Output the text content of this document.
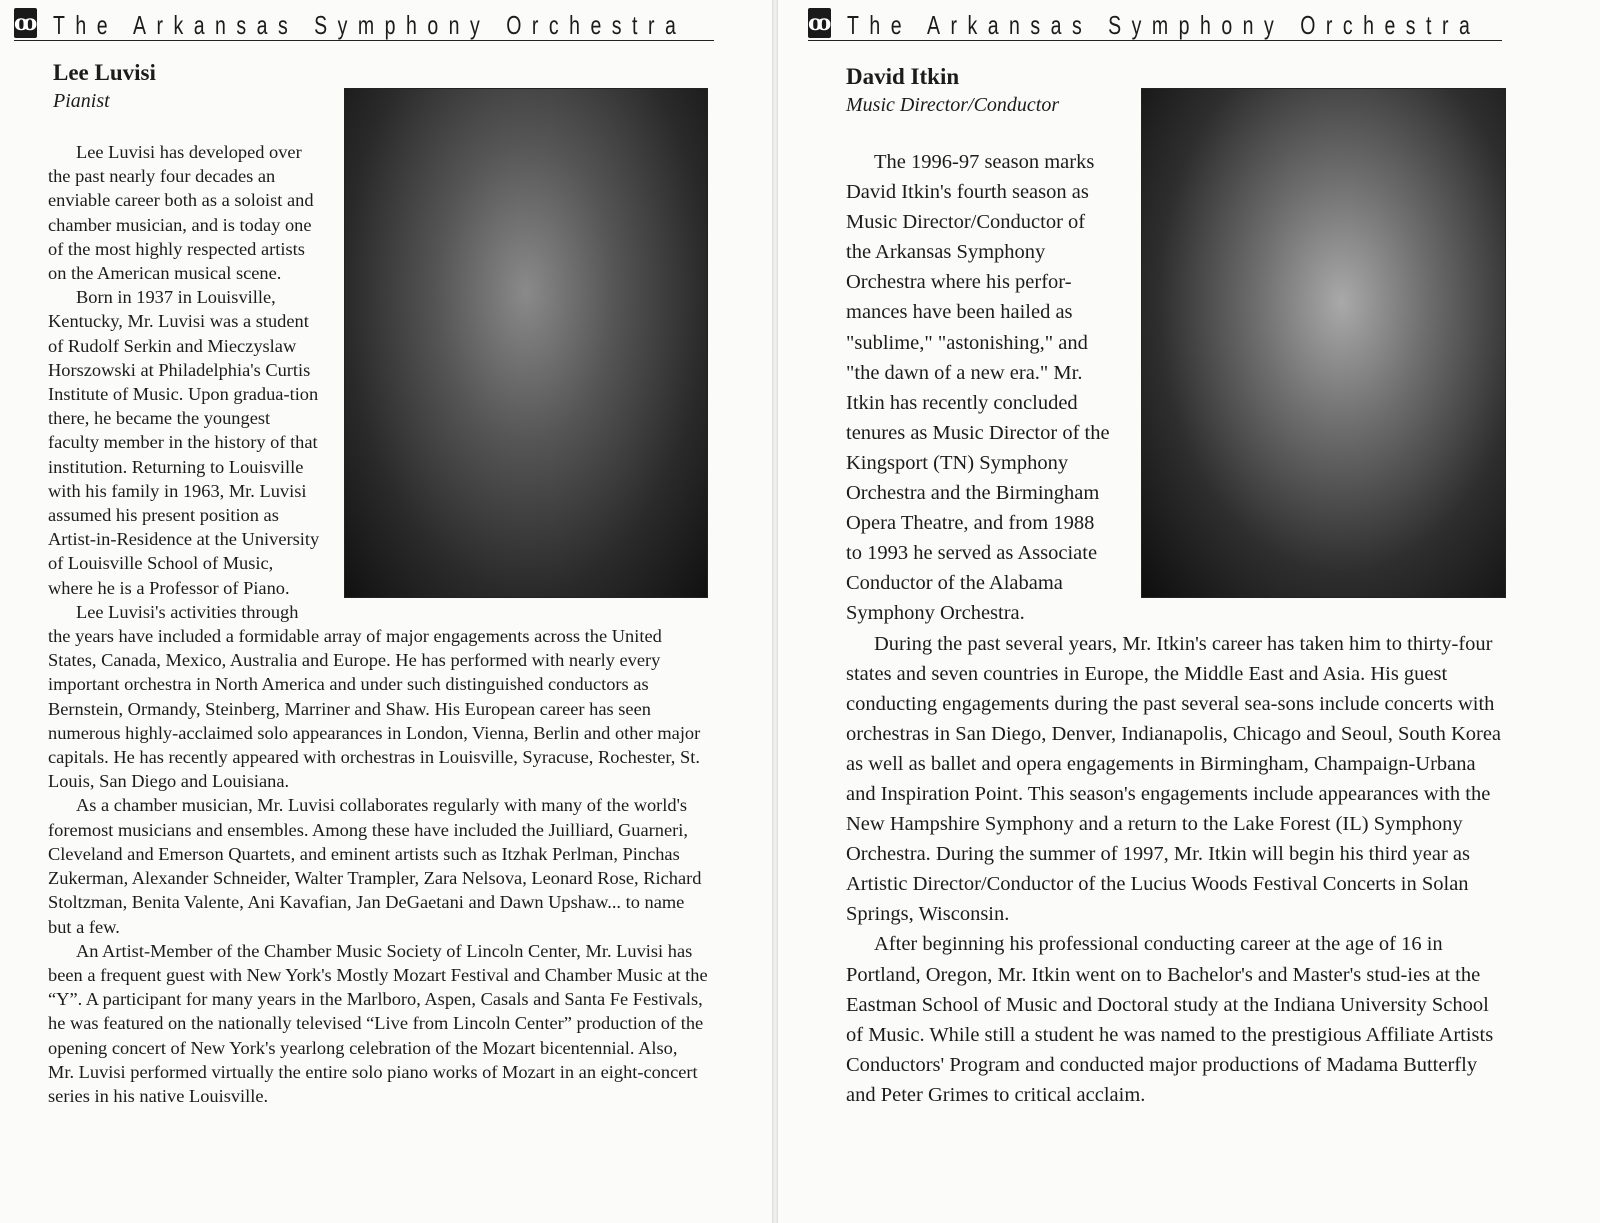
ꝏ The Arkansas Symphony Orchestra
Lee Luvisi
Pianist

Lee Luvisi has developed over the past nearly four decades an enviable career both as a soloist and chamber musician, and is today one of the most highly respected artists on the American musical scene.

Born in 1937 in Louisville, Kentucky, Mr. Luvisi was a student of Rudolf Serkin and Mieczyslaw Horszowski at Philadelphia's Curtis Institute of Music. Upon gradua-tion there, he became the youngest faculty member in the history of that institution. Returning to Louisville with his family in 1963, Mr. Luvisi assumed his present position as Artist-in-Residence at the University of Louisville School of Music, where he is a Professor of Piano.

Lee Luvisi's activities through the years have included a formidable array of major engagements across the United States, Canada, Mexico, Australia and Europe. He has performed with nearly every important orchestra in North America and under such distinguished conductors as Bernstein, Ormandy, Steinberg, Marriner and Shaw. His European career has seen numerous highly-acclaimed solo appearances in London, Vienna, Berlin and other major capitals. He has recently appeared with orchestras in Louisville, Syracuse, Rochester, St. Louis, San Diego and Louisiana.

As a chamber musician, Mr. Luvisi collaborates regularly with many of the world's foremost musicians and ensembles. Among these have included the Juilliard, Guarneri, Cleveland and Emerson Quartets, and eminent artists such as Itzhak Perlman, Pinchas Zukerman, Alexander Schneider, Walter Trampler, Zara Nelsova, Leonard Rose, Richard Stoltzman, Benita Valente, Ani Kavafian, Jan DeGaetani and Dawn Upshaw... to name but a few.

An Artist-Member of the Chamber Music Society of Lincoln Center, Mr. Luvisi has been a frequent guest with New York's Mostly Mozart Festival and Chamber Music at the “Y”. A participant for many years in the Marlboro, Aspen, Casals and Santa Fe Festivals, he was featured on the nationally televised “Live from Lincoln Center” production of the opening concert of New York's yearlong celebration of the Mozart bicentennial. Also, Mr. Luvisi performed virtually the entire solo piano works of Mozart in an eight-concert series in his native Louisville.

ꝏ The Arkansas Symphony Orchestra
David Itkin
Music Director/Conductor

The 1996-97 season marks David Itkin's fourth season as Music Director/Conductor of the Arkansas Symphony Orchestra where his perfor-mances have been hailed as "sublime," "astonishing," and "the dawn of a new era." Mr. Itkin has recently concluded tenures as Music Director of the Kingsport (TN) Symphony Orchestra and the Birmingham Opera Theatre, and from 1988 to 1993 he served as Associate Conductor of the Alabama Symphony Orchestra.

During the past several years, Mr. Itkin's career has taken him to thirty-four states and seven countries in Europe, the Middle East and Asia. His guest conducting engagements during the past several sea-sons include concerts with orchestras in San Diego, Denver, Indianapolis, Chicago and Seoul, South Korea as well as ballet and opera engagements in Birmingham, Champaign-Urbana and Inspiration Point. This season's engagements include appearances with the New Hampshire Symphony and a return to the Lake Forest (IL) Symphony Orchestra. During the summer of 1997, Mr. Itkin will begin his third year as Artistic Director/Conductor of the Lucius Woods Festival Concerts in Solan Springs, Wisconsin.

After beginning his professional conducting career at the age of 16 in Portland, Oregon, Mr. Itkin went on to Bachelor's and Master's stud-ies at the Eastman School of Music and Doctoral study at the Indiana University School of Music. While still a student he was named to the prestigious Affiliate Artists Conductors' Program and conducted major productions of Madama Butterfly and Peter Grimes to critical acclaim.
